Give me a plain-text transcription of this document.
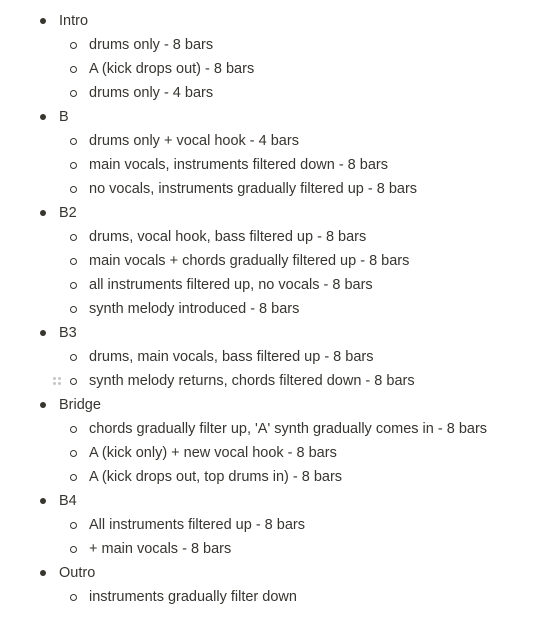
Intro
drums only - 8 bars
A (kick drops out) - 8 bars
drums only - 4 bars
B
drums only + vocal hook - 4 bars
main vocals, instruments filtered down - 8 bars
no vocals, instruments gradually filtered up - 8 bars
B2
drums, vocal hook, bass filtered up - 8 bars
main vocals + chords gradually filtered up - 8 bars
all instruments filtered up, no vocals - 8 bars
synth melody introduced - 8 bars
B3
drums, main vocals, bass filtered up - 8 bars
synth melody returns, chords filtered down - 8 bars
Bridge
chords gradually filter up, 'A' synth gradually comes in - 8 bars
A (kick only) + new vocal hook - 8 bars
A (kick drops out, top drums in) - 8 bars
B4
All instruments filtered up - 8 bars
+ main vocals - 8 bars
Outro
instruments gradually filter down
